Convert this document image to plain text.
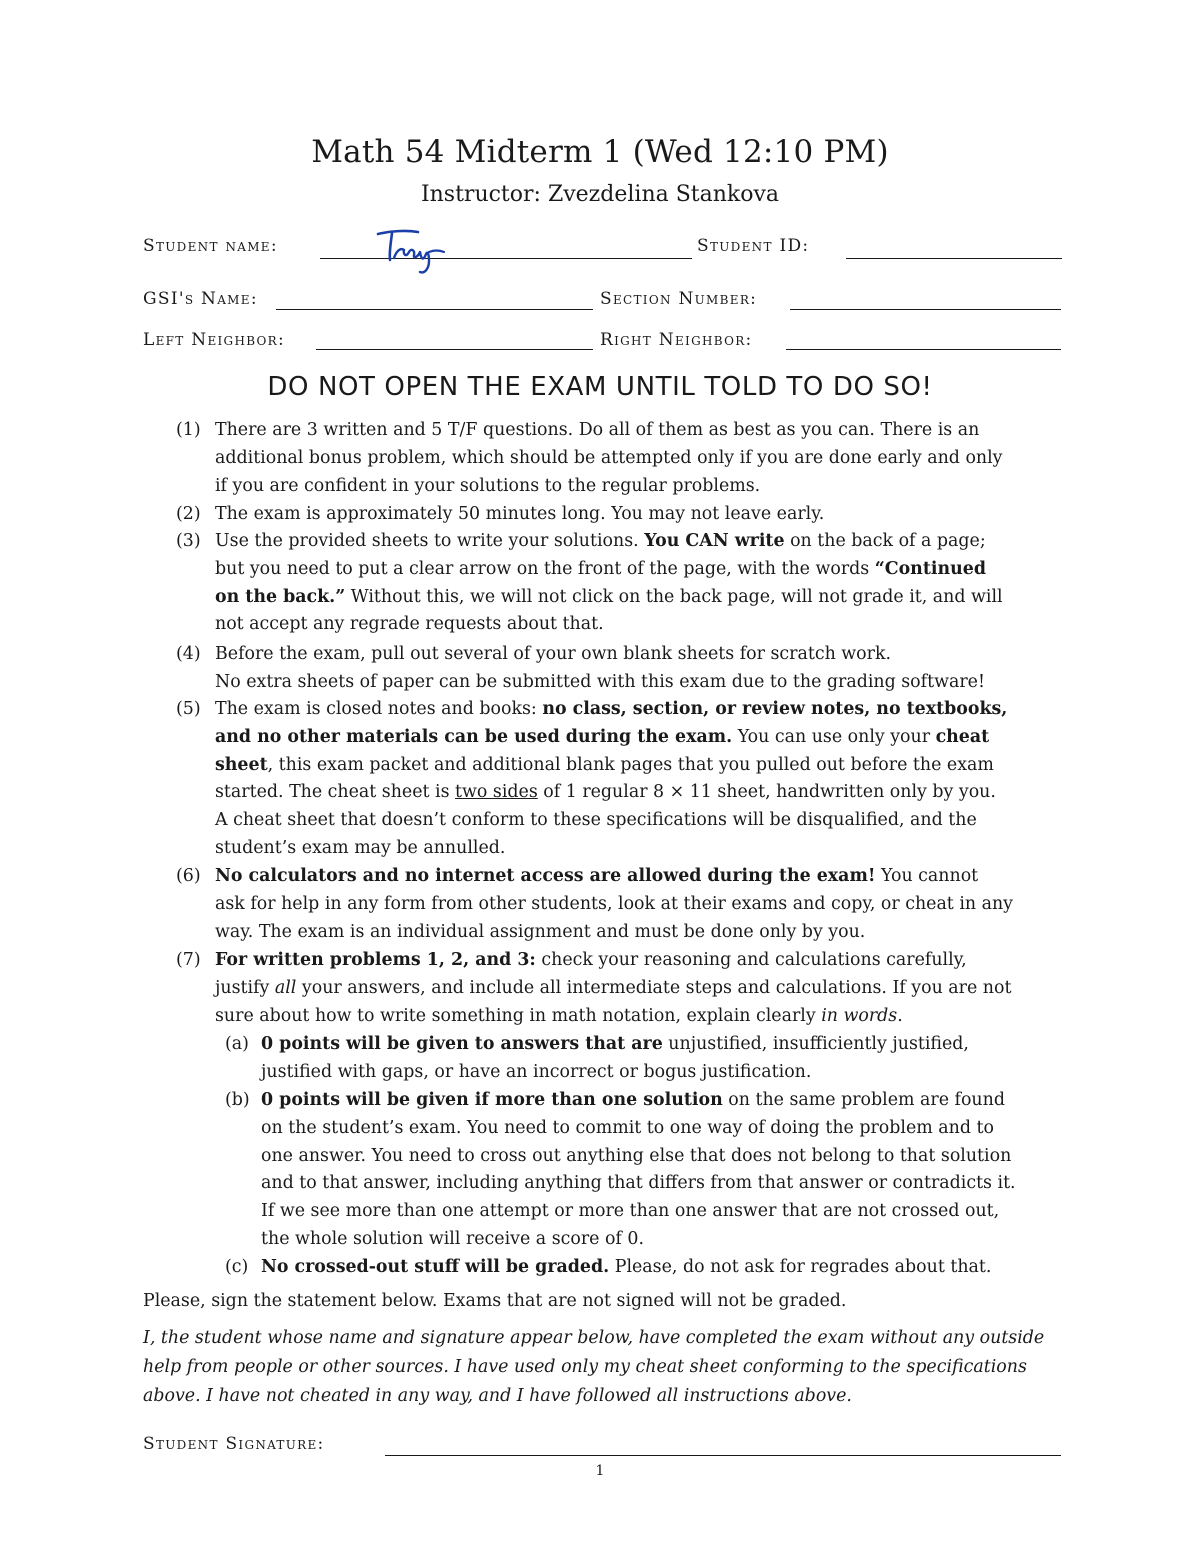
Math 54 Midterm 1 (Wed 12:10 PM)
Instructor: Zvezdelina Stankova
Student name:	Student ID:
GSI's Name:	Section Number:
Left Neighbor:	Right Neighbor:
DO NOT OPEN THE EXAM UNTIL TOLD TO DO SO!
(1) There are 3 written and 5 T/F questions. Do all of them as best as you can. There is an
additional bonus problem, which should be attempted only if you are done early and only
if you are confident in your solutions to the regular problems.
(2) The exam is approximately 50 minutes long. You may not leave early.
(3) Use the provided sheets to write your solutions. You CAN write on the back of a page;
but you need to put a clear arrow on the front of the page, with the words “Continued
on the back.” Without this, we will not click on the back page, will not grade it, and will
not accept any regrade requests about that.
(4) Before the exam, pull out several of your own blank sheets for scratch work.
No extra sheets of paper can be submitted with this exam due to the grading software!
(5) The exam is closed notes and books: no class, section, or review notes, no textbooks,
and no other materials can be used during the exam. You can use only your cheat
sheet, this exam packet and additional blank pages that you pulled out before the exam
started. The cheat sheet is two sides of 1 regular 8 × 11 sheet, handwritten only by you.
A cheat sheet that doesn’t conform to these specifications will be disqualified, and the
student’s exam may be annulled.
(6) No calculators and no internet access are allowed during the exam! You cannot
ask for help in any form from other students, look at their exams and copy, or cheat in any
way. The exam is an individual assignment and must be done only by you.
(7) For written problems 1, 2, and 3: check your reasoning and calculations carefully,
justify all your answers, and include all intermediate steps and calculations. If you are not
sure about how to write something in math notation, explain clearly in words.
(a) 0 points will be given to answers that are unjustified, insufficiently justified,
justified with gaps, or have an incorrect or bogus justification.
(b) 0 points will be given if more than one solution on the same problem are found
on the student’s exam. You need to commit to one way of doing the problem and to
one answer. You need to cross out anything else that does not belong to that solution
and to that answer, including anything that differs from that answer or contradicts it.
If we see more than one attempt or more than one answer that are not crossed out,
the whole solution will receive a score of 0.
(c) No crossed-out stuff will be graded. Please, do not ask for regrades about that.
Please, sign the statement below. Exams that are not signed will not be graded.
I, the student whose name and signature appear below, have completed the exam without any outside
help from people or other sources. I have used only my cheat sheet conforming to the specifications
above. I have not cheated in any way, and I have followed all instructions above.
Student Signature:
1
